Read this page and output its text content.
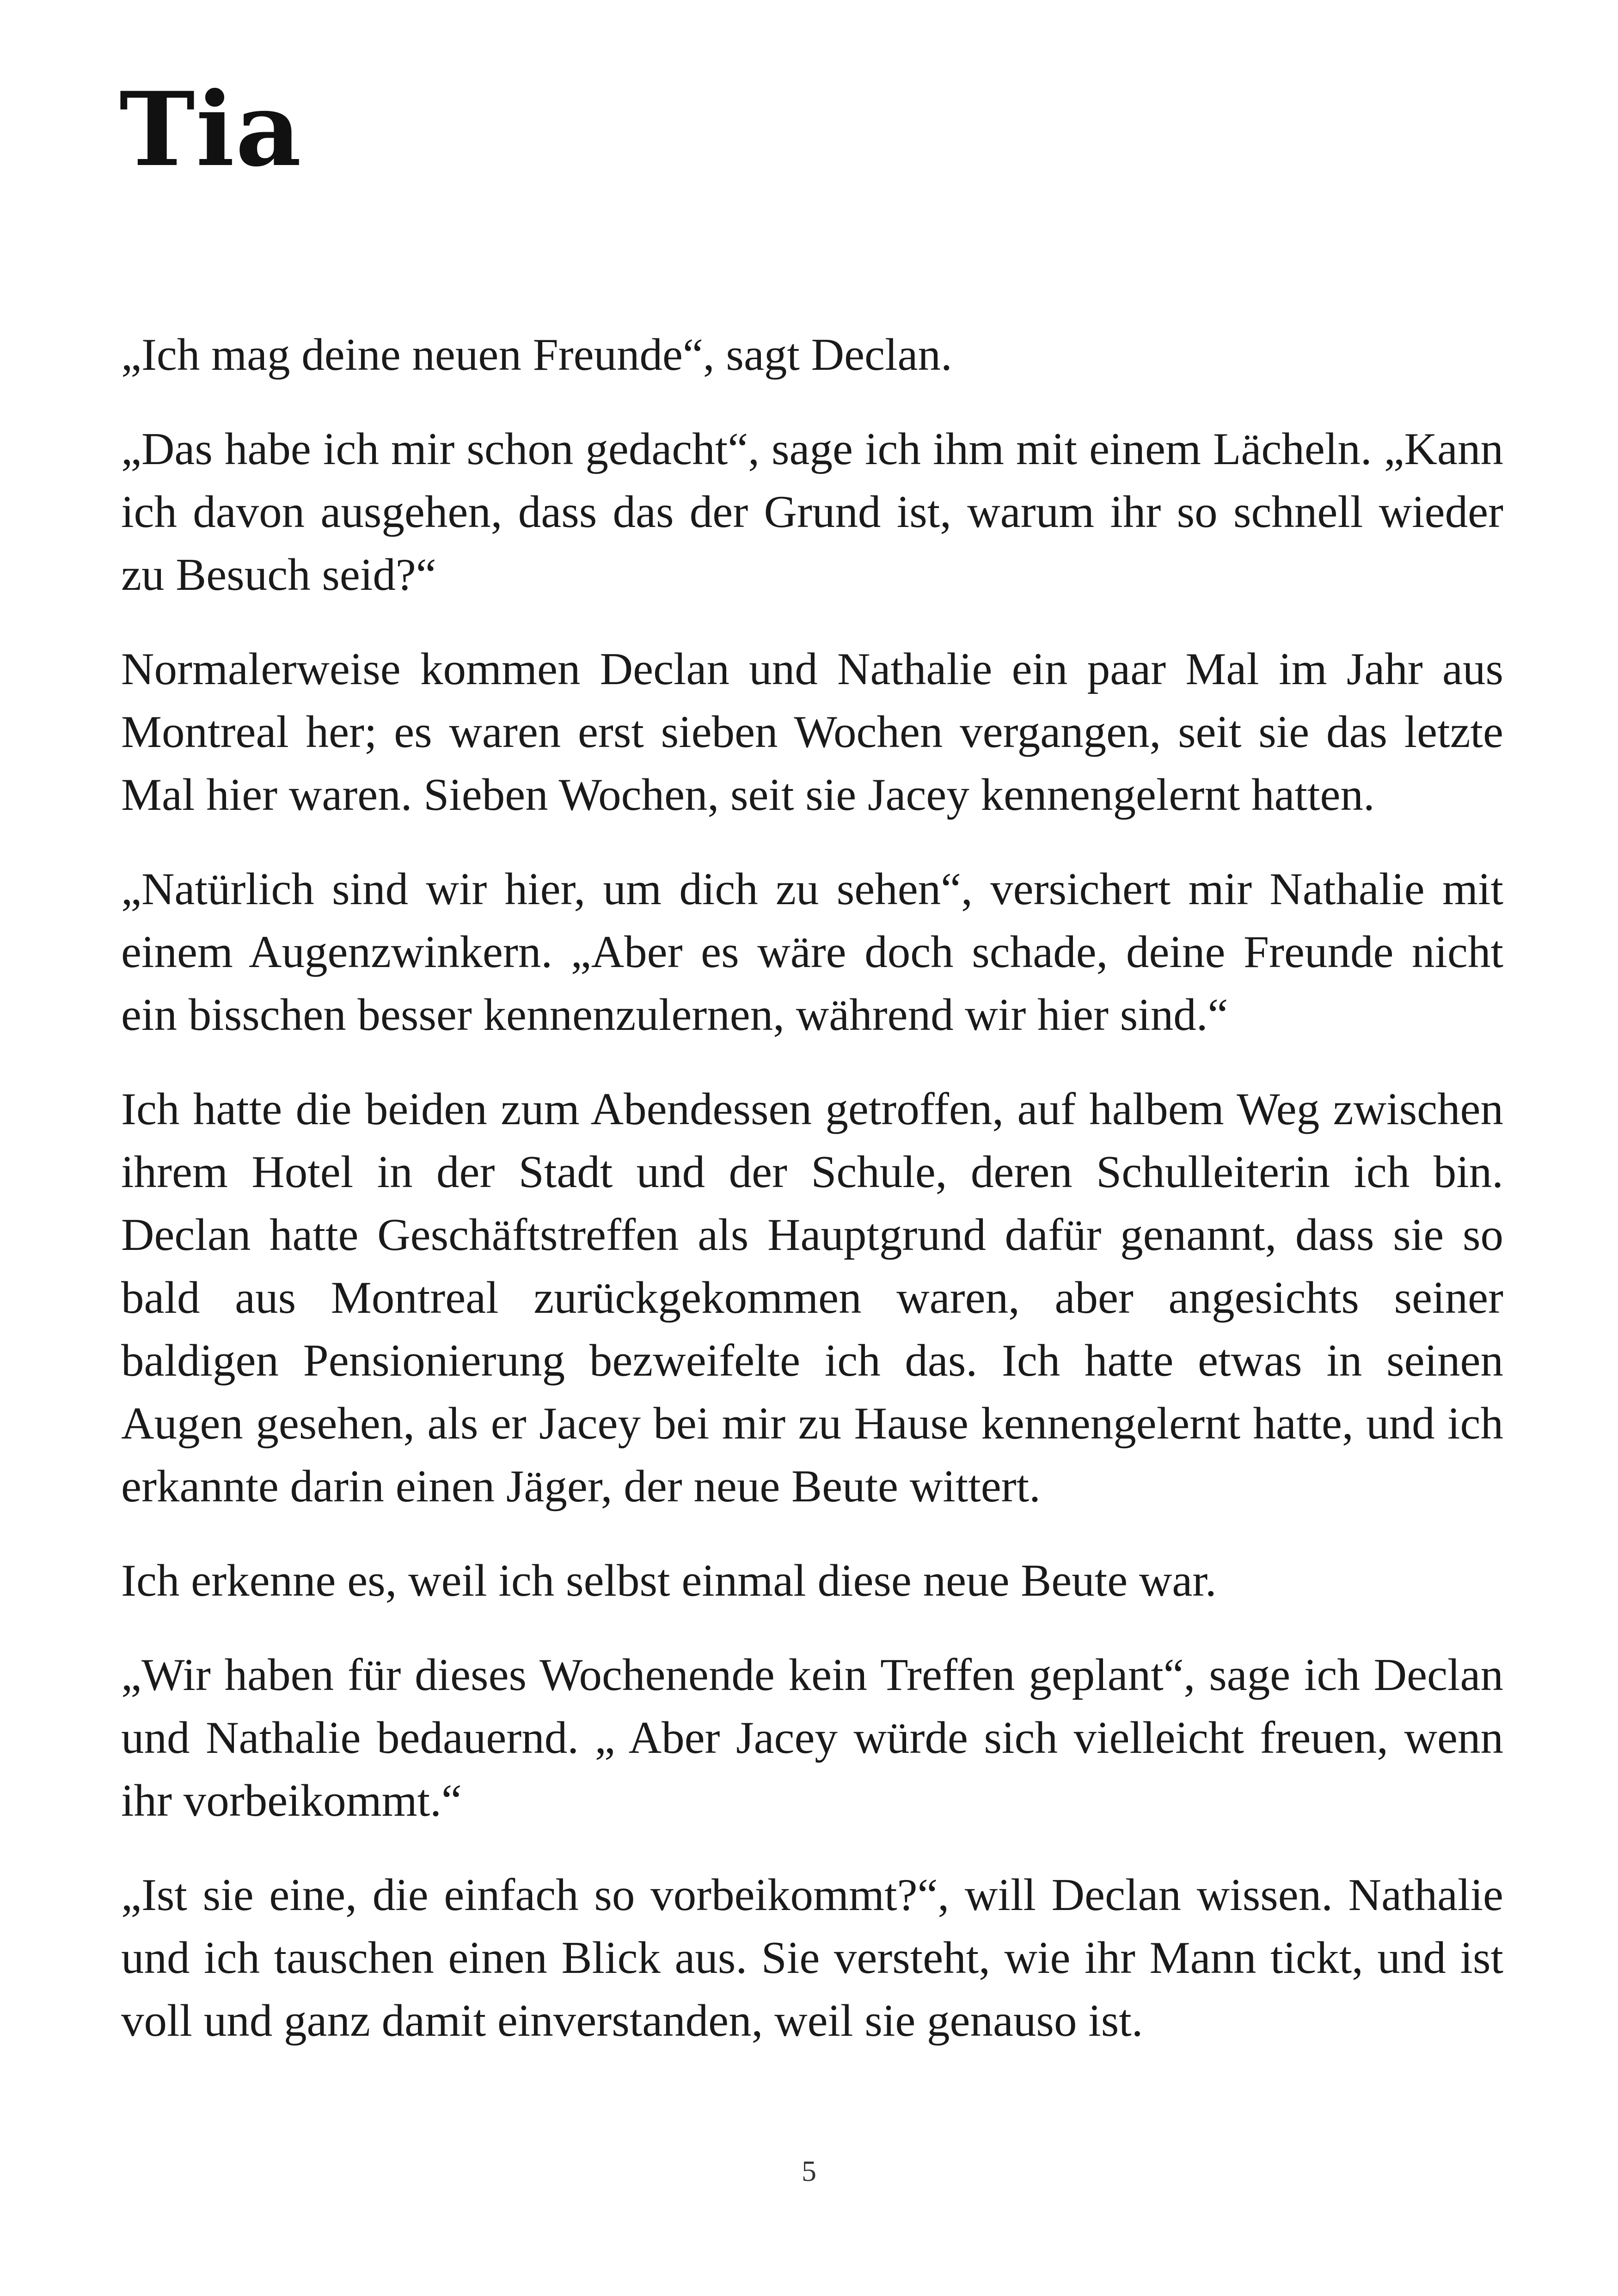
Tia

„Ich mag deine neuen Freunde“, sagt Declan.

„Das habe ich mir schon gedacht“, sage ich ihm mit einem Lächeln. „Kann ich davon ausgehen, dass das der Grund ist, warum ihr so schnell wieder zu Besuch seid?“

Normalerweise kommen Declan und Nathalie ein paar Mal im Jahr aus Montreal her; es waren erst sieben Wochen vergangen, seit sie das letzte Mal hier waren. Sieben Wochen, seit sie Jacey kennengelernt hatten.

„Natürlich sind wir hier, um dich zu sehen“, versichert mir Nathalie mit einem Augenzwinkern. „Aber es wäre doch schade, deine Freunde nicht ein bisschen besser kennenzulernen, während wir hier sind.“

Ich hatte die beiden zum Abendessen getroffen, auf halbem Weg zwischen ihrem Hotel in der Stadt und der Schule, deren Schulleiterin ich bin. Declan hatte Geschäftstreffen als Hauptgrund dafür genannt, dass sie so bald aus Montreal zurückgekommen waren, aber angesichts seiner baldigen Pensionierung bezweifelte ich das. Ich hatte etwas in seinen Augen gesehen, als er Jacey bei mir zu Hause kennengelernt hatte, und ich erkannte darin einen Jäger, der neue Beute wittert.

Ich erkenne es, weil ich selbst einmal diese neue Beute war.

„Wir haben für dieses Wochenende kein Treffen geplant“, sage ich Declan und Nathalie bedauernd. „ Aber Jacey würde sich vielleicht freuen, wenn ihr vorbeikommt.“

„Ist sie eine, die einfach so vorbeikommt?“, will Declan wissen. Nathalie und ich tauschen einen Blick aus. Sie versteht, wie ihr Mann tickt, und ist voll und ganz damit einverstanden, weil sie genauso ist.

5
